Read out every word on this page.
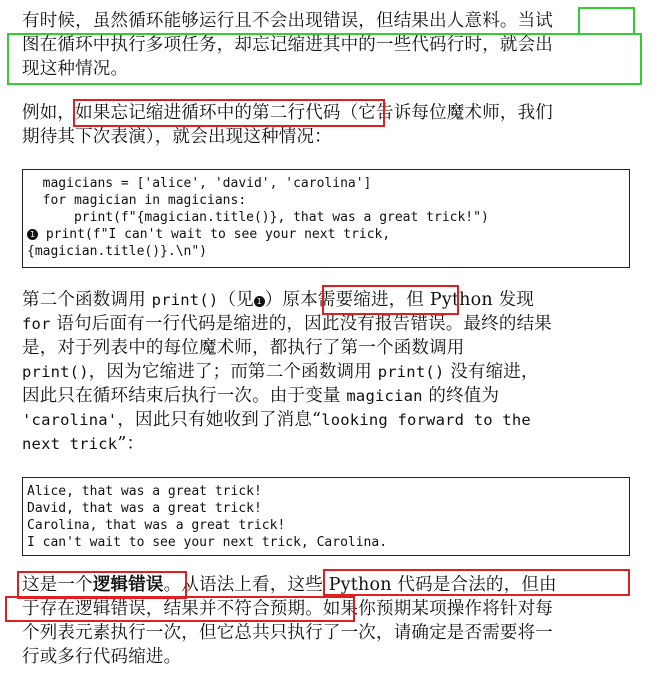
有时候，虽然循环能够运行且不会出现错误，但结果出人意料。当试
图在循环中执行多项任务，却忘记缩进其中的一些代码行时，就会出
现这种情况。
例如，如果忘记缩进循环中的第二行代码（它告诉每位魔术师，我们
期待其下次表演），就会出现这种情况：
magicians = ['alice', 'david', 'carolina']
for magician in magicians:
print(f"{magician.title()}, that was a great trick!")
1 print(f"I can't wait to see your next trick,
{magician.title()}.\n")
第二个函数调用 print()（见 1 ）原本需要缩进，但 Python 发现
for 语句后面有一行代码是缩进的，因此没有报告错误。最终的结果
是，对于列表中的每位魔术师，都执行了第一个函数调用
print()，因为它缩进了；而第二个函数调用 print() 没有缩进，
因此只在循环结束后执行一次。由于变量 magician 的终值为
'carolina'，因此只有她收到了消息“looking forward to the
next trick”：
Alice, that was a great trick!
David, that was a great trick!
Carolina, that was a great trick!
I can't wait to see your next trick, Carolina.
这是一个逻辑错误。从语法上看，这些 Python 代码是合法的，但由
于存在逻辑错误，结果并不符合预期。如果你预期某项操作将针对每
个列表元素执行一次，但它总共只执行了一次，请确定是否需要将一
行或多行代码缩进。
